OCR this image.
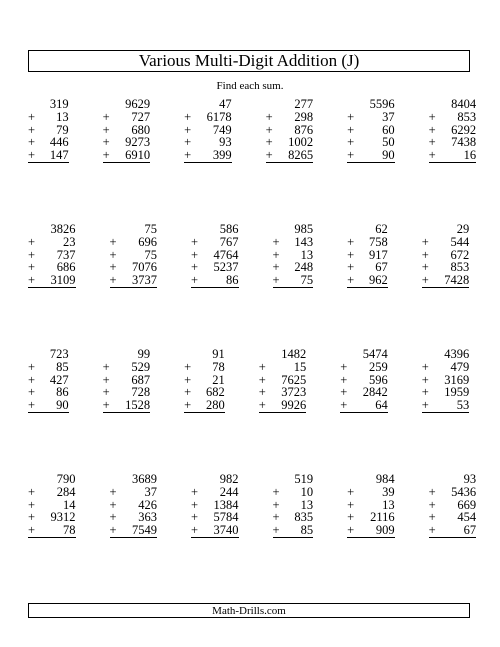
Various Multi-Digit Addition (J)
Find each sum.
319
+	13
+	79
+ 446
+ 147
9629
+	727
+	680
+ 9273
+ 6910
47
+ 6178
+	749
+	93
+	399
277
+	298
+	876
+ 1002
+ 8265
5596
+	37
+	60
+	50
+	90
8404
+	853
+ 6292
+ 7438
+	16
3826
+	23
+	737
+	686
+ 3109
75
+	696
+	75
+ 7076
+ 3737
586
+	767
+ 4764
+ 5237
+	86
985
+ 143
+	13
+ 248
+	75
62
+ 758
+ 917
+	67
+ 962
29
+	544
+	672
+	853
+ 7428
723
+	85
+ 427
+	86
+	90
99
+	529
+	687
+	728
+ 1528
91
+	78
+	21
+ 682
+ 280
1482
+	15
+ 7625
+ 3723
+ 9926
5474
+	259
+	596
+ 2842
+	64
4396
+	479
+ 3169
+ 1959
+	53
790
+	284
+	14
+ 9312
+	78
3689
+	37
+	426
+	363
+ 7549
982
+	244
+ 1384
+ 5784
+ 3740
519
+	10
+	13
+ 835
+	85
984
+	39
+	13
+ 2116
+	909
93
+ 5436
+	669
+	454
+	67
Math-Drills.com
